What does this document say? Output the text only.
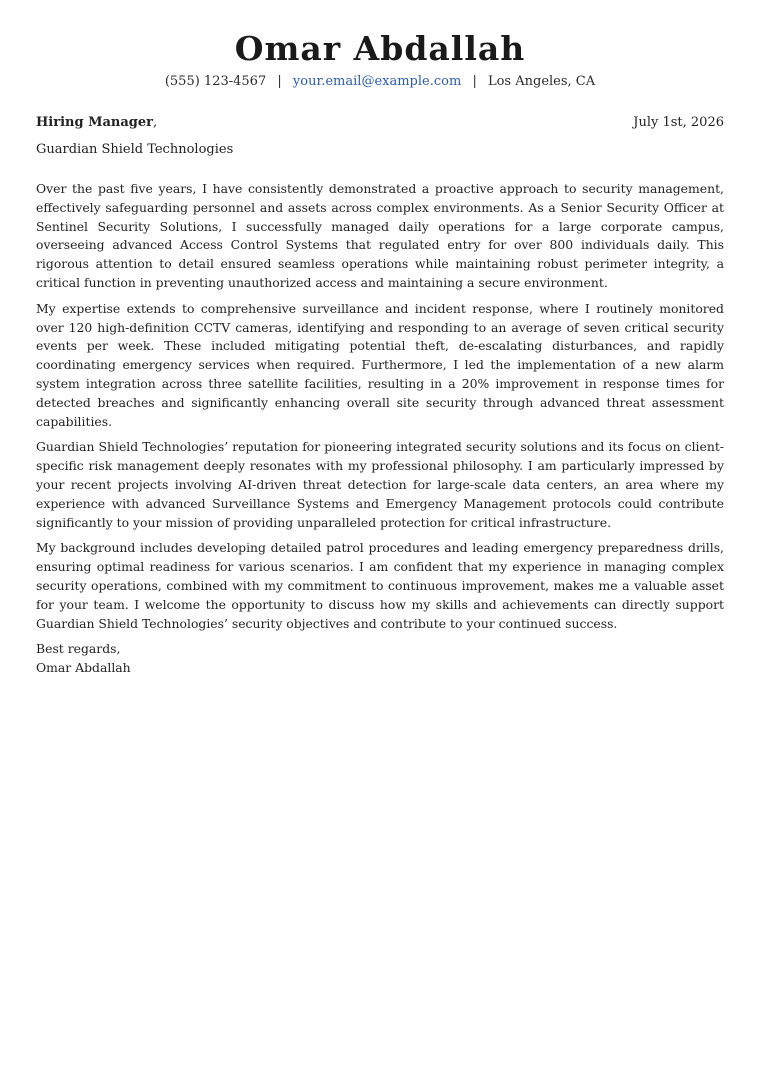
Omar Abdallah
(555) 123-4567 | your.email@example.com | Los Angeles, CA
Hiring Manager,	July 1st, 2026
Guardian Shield Technologies

Over the past five years, I have consistently demonstrated a proactive approach to security management, effectively safeguarding personnel and assets across complex environments. As a Senior Security Officer at Sentinel Security Solutions, I successfully managed daily operations for a large corporate campus, overseeing advanced Access Control Systems that regulated entry for over 800 individuals daily. This rigorous attention to detail ensured seamless operations while maintaining robust perimeter integrity, a critical function in preventing unauthorized access and maintaining a secure environment.

My expertise extends to comprehensive surveillance and incident response, where I routinely monitored over 120 high-definition CCTV cameras, identifying and responding to an average of seven critical security events per week. These included mitigating potential theft, de-escalating disturbances, and rapidly coordinating emergency services when required. Furthermore, I led the implementation of a new alarm system integration across three satellite facilities, resulting in a 20% improvement in response times for detected breaches and significantly enhancing overall site security through advanced threat assessment capabilities.

Guardian Shield Technologies’ reputation for pioneering integrated security solutions and its focus on client-specific risk management deeply resonates with my professional philosophy. I am particularly impressed by your recent projects involving AI-driven threat detection for large-scale data centers, an area where my experience with advanced Surveillance Systems and Emergency Management protocols could contribute significantly to your mission of providing unparalleled protection for critical infrastructure.

My background includes developing detailed patrol procedures and leading emergency preparedness drills, ensuring optimal readiness for various scenarios. I am confident that my experience in managing complex security operations, combined with my commitment to continuous improvement, makes me a valuable asset for your team. I welcome the opportunity to discuss how my skills and achievements can directly support Guardian Shield Technologies’ security objectives and contribute to your continued success.

Best regards,
Omar Abdallah
